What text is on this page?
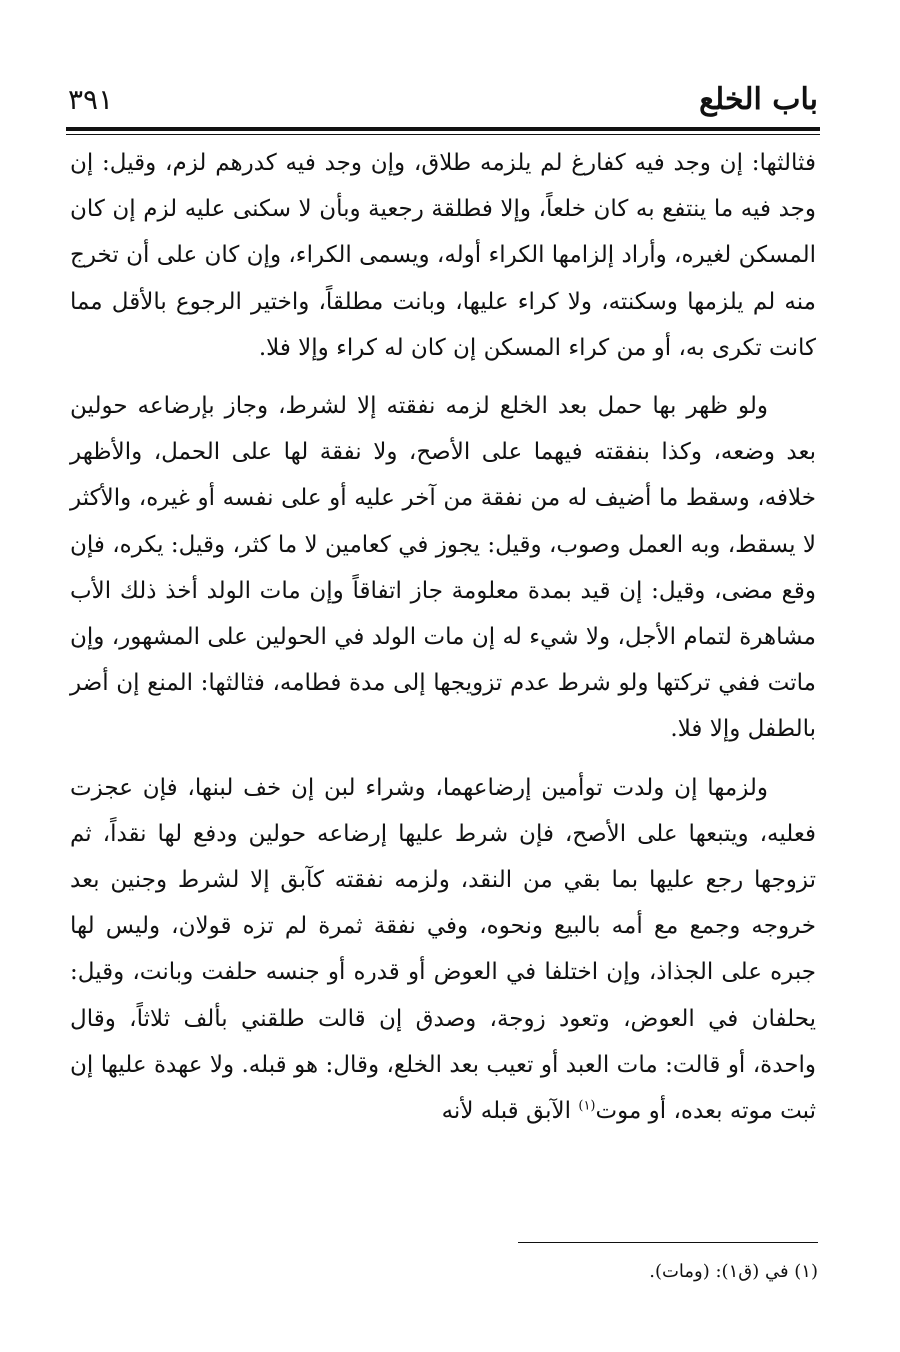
باب الخلع
٣٩١

فثالثها: إن وجد فيه كفارغ لم يلزمه طلاق، وإن وجد فيه كدرهم لزم، وقيل: إن وجد فيه ما ينتفع به كان خلعاً، وإلا فطلقة رجعية وبأن لا سكنى عليه لزم إن كان المسكن لغيره، وأراد إلزامها الكراء أوله، ويسمى الكراء، وإن كان على أن تخرج منه لم يلزمها وسكنته، ولا كراء عليها، وبانت مطلقاً، واختير الرجوع بالأقل مما كانت تكرى به، أو من كراء المسكن إن كان له كراء وإلا فلا.

ولو ظهر بها حمل بعد الخلع لزمه نفقته إلا لشرط، وجاز بإرضاعه حولين بعد وضعه، وكذا بنفقته فيهما على الأصح، ولا نفقة لها على الحمل، والأظهر خلافه، وسقط ما أضيف له من نفقة من آخر عليه أو على نفسه أو غيره، والأكثر لا يسقط، وبه العمل وصوب، وقيل: يجوز في كعامين لا ما كثر، وقيل: يكره، فإن وقع مضى، وقيل: إن قيد بمدة معلومة جاز اتفاقاً وإن مات الولد أخذ ذلك الأب مشاهرة لتمام الأجل، ولا شيء له إن مات الولد في الحولين على المشهور، وإن ماتت ففي تركتها ولو شرط عدم تزويجها إلى مدة فطامه، فثالثها: المنع إن أضر بالطفل وإلا فلا.

ولزمها إن ولدت توأمين إرضاعهما، وشراء لبن إن خف لبنها، فإن عجزت فعليه، ويتبعها على الأصح، فإن شرط عليها إرضاعه حولين ودفع لها نقداً، ثم تزوجها رجع عليها بما بقي من النقد، ولزمه نفقته كآبق إلا لشرط وجنين بعد خروجه وجمع مع أمه بالبيع ونحوه، وفي نفقة ثمرة لم تزه قولان، وليس لها جبره على الجذاذ، وإن اختلفا في العوض أو قدره أو جنسه حلفت وبانت، وقيل: يحلفان في العوض، وتعود زوجة، وصدق إن قالت طلقني بألف ثلاثاً، وقال واحدة، أو قالت: مات العبد أو تعيب بعد الخلع، وقال: هو قبله. ولا عهدة عليها إن ثبت موته بعده، أو موت$^{(١)}$ الآبق قبله لأنه

(١) في (ق١): (ومات).
